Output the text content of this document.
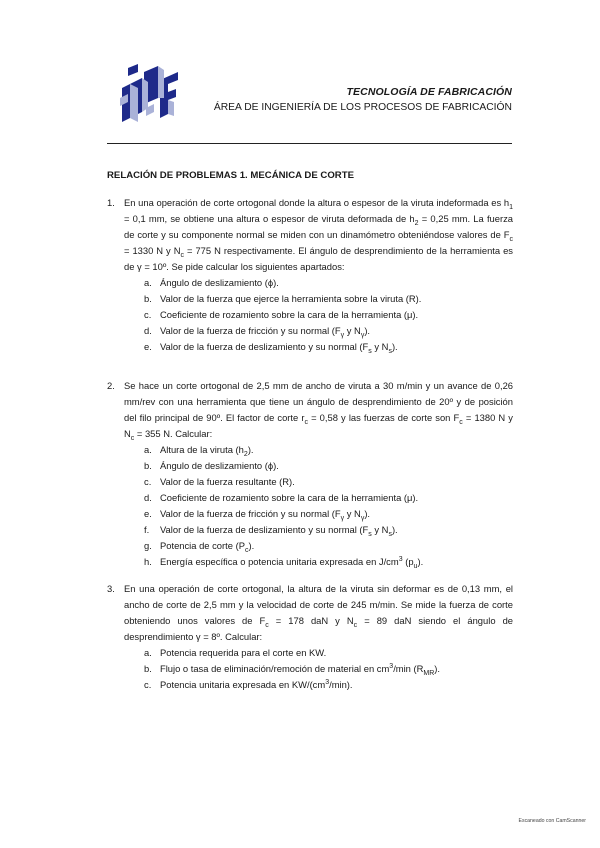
TECNOLOGÍA DE FABRICACIÓN
ÁREA DE INGENIERÍA DE LOS PROCESOS DE FABRICACIÓN
RELACIÓN DE PROBLEMAS 1. MECÁNICA DE CORTE
1. En una operación de corte ortogonal donde la altura o espesor de la viruta indeformada es $h_1 = 0,1$ mm, se obtiene una altura o espesor de viruta deformada de $h_2 = 0,25$ mm. La fuerza de corte y su componente normal se miden con un dinamómetro obteniéndose valores de $F_c = 1330$ N y $N_c = 775$ N respectivamente. El ángulo de desprendimiento de la herramienta es de γ = 10º. Se pide calcular los siguientes apartados:
a. Ángulo de deslizamiento (ϕ).
b. Valor de la fuerza que ejerce la herramienta sobre la viruta (R).
c. Coeficiente de rozamiento sobre la cara de la herramienta (μ).
d. Valor de la fuerza de fricción y su normal ($F_\gamma$ y $N_\gamma$).
e. Valor de la fuerza de deslizamiento y su normal ($F_s$ y $N_s$).
2. Se hace un corte ortogonal de 2,5 mm de ancho de viruta a 30 m/min y un avance de 0,26 mm/rev con una herramienta que tiene un ángulo de desprendimiento de 20º y de posición del filo principal de 90º. El factor de corte $r_c = 0,58$ y las fuerzas de corte son $F_c = 1380$ N y $N_c = 355$ N. Calcular:
a. Altura de la viruta $(h_2)$.
b. Ángulo de deslizamiento (ϕ).
c. Valor de la fuerza resultante (R).
d. Coeficiente de rozamiento sobre la cara de la herramienta (μ).
e. Valor de la fuerza de fricción y su normal ($F_\gamma$ y $N_\gamma$).
f. Valor de la fuerza de deslizamiento y su normal ($F_s$ y $N_s$).
g. Potencia de corte $(P_c)$.
h. Energía específica o potencia unitaria expresada en $J/cm^3$ $(p_u)$.
3. En una operación de corte ortogonal, la altura de la viruta sin deformar es de 0,13 mm, el ancho de corte de 2,5 mm y la velocidad de corte de 245 m/min. Se mide la fuerza de corte obteniendo unos valores de $F_c = 178$ daN y $N_c = 89$ daN siendo el ángulo de desprendimiento γ = 8º. Calcular:
a. Potencia requerida para el corte en KW.
b. Flujo o tasa de eliminación/remoción de material en $cm^3/\min$ $(R_{MR})$.
c. Potencia unitaria expresada en $KW/(cm^3/\min)$.
Escaneado con CamScanner
